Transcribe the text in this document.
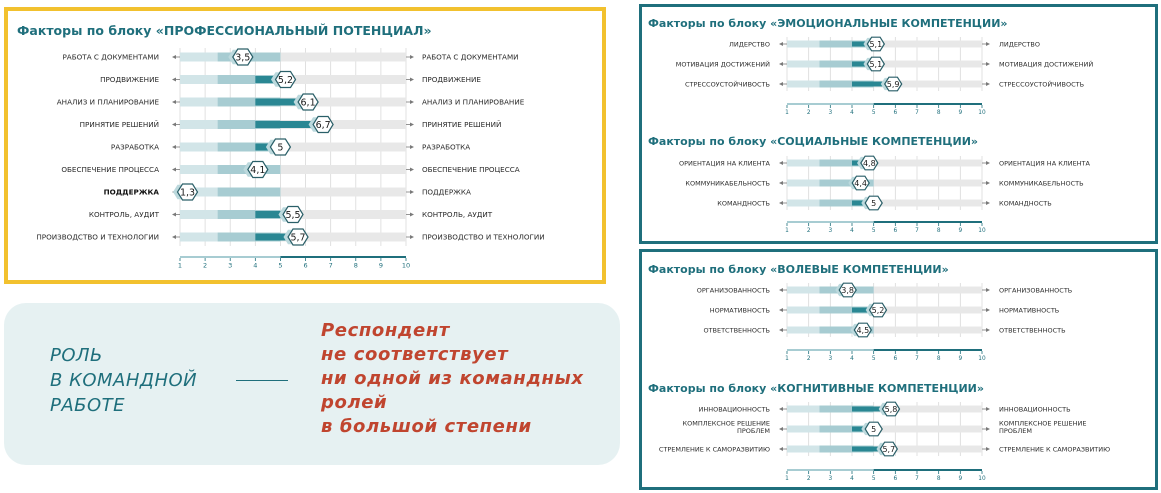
Факторы по блоку «ПРОФЕССИОНАЛЬНЫЙ ПОТЕНЦИАЛ»
3,5
РАБОТА С ДОКУМЕНТАМИ	РАБОТА С ДОКУМЕНТАМИ
5,2
ПРОДВИЖЕНИЕ	ПРОДВИЖЕНИЕ
6,1
АНАЛИЗ И ПЛАНИРОВАНИЕ	АНАЛИЗ И ПЛАНИРОВАНИЕ
6,7
ПРИНЯТИЕ РЕШЕНИЙ	ПРИНЯТИЕ РЕШЕНИЙ
5
РАЗРАБОТКА	РАЗРАБОТКА
4,1
ОБЕСПЕЧЕНИЕ ПРОЦЕССА	ОБЕСПЕЧЕНИЕ ПРОЦЕССА
1,3
ПОДДЕРЖКА	ПОДДЕРЖКА
5,5
КОНТРОЛЬ, АУДИТ	КОНТРОЛЬ, АУДИТ
5,7
ПРОИЗВОДСТВО И ТЕХНОЛОГИИ	ПРОИЗВОДСТВО И ТЕХНОЛОГИИ
1	2	3	4	5	6	7	8	9	10
Факторы по блоку «ЭМОЦИОНАЛЬНЫЕ КОМПЕТЕНЦИИ»
5,1
ЛИДЕРСТВО	ЛИДЕРСТВО
5,1
МОТИВАЦИЯ ДОСТИЖЕНИЙ	МОТИВАЦИЯ ДОСТИЖЕНИЙ
5,9
СТРЕССОУСТОЙЧИВОСТЬ	СТРЕССОУСТОЙЧИВОСТЬ
1	2	3	4	5	6	7	8	9	10
Факторы по блоку «СОЦИАЛЬНЫЕ КОМПЕТЕНЦИИ»
4,8
ОРИЕНТАЦИЯ НА КЛИЕНТА	ОРИЕНТАЦИЯ НА КЛИЕНТА
4,4
КОММУНИКАБЕЛЬНОСТЬ	КОММУНИКАБЕЛЬНОСТЬ
5
КОМАНДНОСТЬ	КОМАНДНОСТЬ
1	2	3	4	5	6	7	8	9	10
Факторы по блоку «ВОЛЕВЫЕ КОМПЕТЕНЦИИ»
3,8
ОРГАНИЗОВАННОСТЬ	ОРГАНИЗОВАННОСТЬ
5,2
НОРМАТИВНОСТЬ	НОРМАТИВНОСТЬ
4,5
ОТВЕТСТВЕННОСТЬ	ОТВЕТСТВЕННОСТЬ
1	2	3	4	5	6	7	8	9	10
Факторы по блоку «КОГНИТИВНЫЕ КОМПЕТЕНЦИИ»
5,8
ИННОВАЦИОННОСТЬ	ИННОВАЦИОННОСТЬ
5
КОМПЛЕКСНОЕ РЕШЕНИЕ
ПРОБЛЕМ
КОМПЛЕКСНОЕ РЕШЕНИЕ
ПРОБЛЕМ
5,7
СТРЕМЛЕНИЕ К САМОРАЗВИТИЮ	СТРЕМЛЕНИЕ К САМОРАЗВИТИЮ
1	2	3	4	5	6	7	8	9	10
РОЛЬ
В КОМАНДНОЙ
РАБОТЕ
Респондент
не соответствует
ни одной из командных
ролей
в большой степени
